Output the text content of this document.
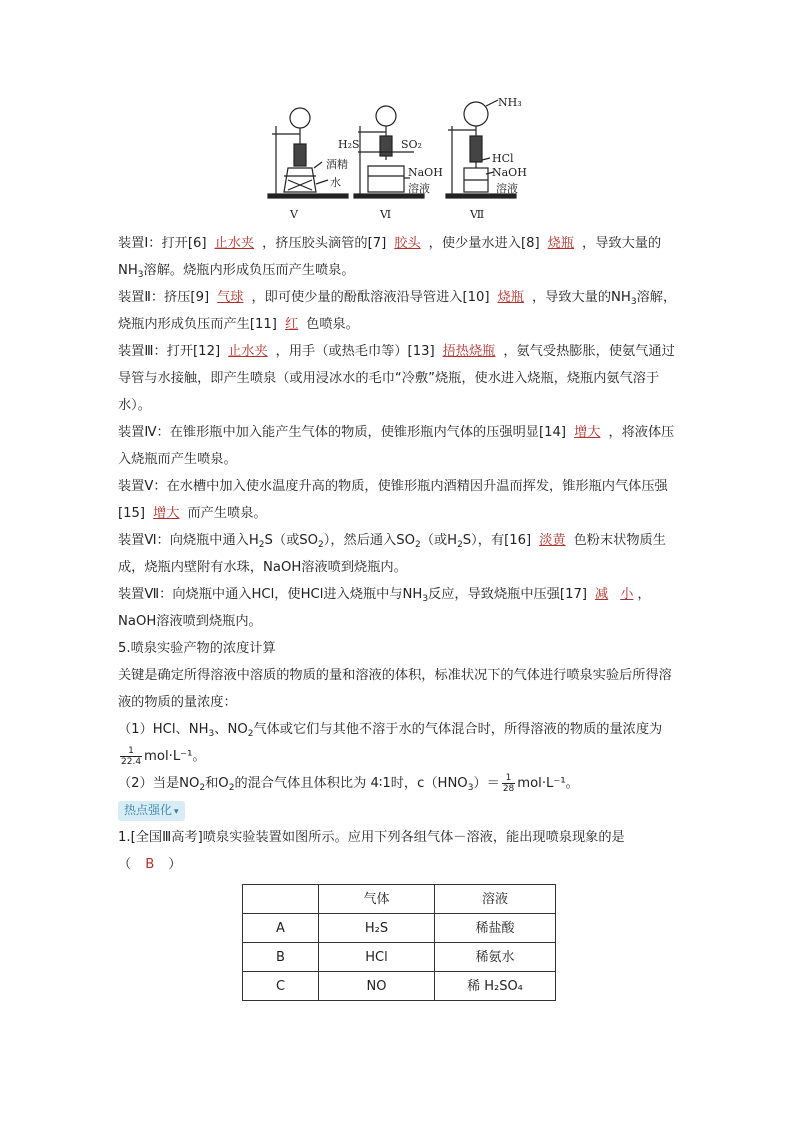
酒精
水
H₂S	SO₂
NaOH
溶液
NH₃
HCl
NaOH
溶液
Ⅴ	Ⅵ	Ⅶ

装置Ⅰ：打开[6] 止水夹 ，挤压胶头滴管的[7] 胶头 ，使少量水进入[8] 烧瓶 ，导致大量的$NH_3$溶解。烧瓶内形成负压而产生喷泉。

装置Ⅱ：挤压[9] 气球 ，即可使少量的酚酞溶液沿导管进入[10] 烧瓶 ，导致大量的$NH_3$溶解，烧瓶内形成负压而产生[11] 红 色喷泉。

装置Ⅲ：打开[12] 止水夹 ，用手（或热毛巾等）[13] 捂热烧瓶 ，氨气受热膨胀，使氨气通过导管与水接触，即产生喷泉（或用浸冰水的毛巾“冷敷”烧瓶，使水进入烧瓶，烧瓶内氨气溶于水）。

装置Ⅳ：在锥形瓶中加入能产生气体的物质，使锥形瓶内气体的压强明显[14] 增大 ，将液体压入烧瓶而产生喷泉。

装置Ⅴ：在水槽中加入使水温度升高的物质，使锥形瓶内酒精因升温而挥发，锥形瓶内气体压强[15] 增大 而产生喷泉。

装置Ⅵ：向烧瓶中通入$H_2S$（或$SO_2$），然后通入$SO_2$（或$H_2S$），有[16] 淡黄 色粉末状物质生成，烧瓶内壁附有水珠，NaOH溶液喷到烧瓶内。

装置Ⅶ：向烧瓶中通入HCl，使HCl进入烧瓶中与$NH_3$反应，导致烧瓶中压强[17] 减 小 ，NaOH溶液喷到烧瓶内。

5.喷泉实验产物的浓度计算

关键是确定所得溶液中溶质的物质的量和溶液的体积，标准状况下的气体进行喷泉实验后所得溶液的物质的量浓度：

（1）HCl、$NH_3$、$NO_2$气体或它们与其他不溶于水的气体混合时，所得溶液的物质的量浓度为
$\frac{1}{22.4} mol\cdot L^{-1}$。

（2）当是$NO_2$和$O_2$的混合气体且体积比为 4∶1时，$c(HNO_3)= \frac{1}{28} mol\cdot L^{-1}$。

热点强化 ▾

1.[全国Ⅲ高考]喷泉实验装置如图所示。应用下列各组气体－溶液，能出现喷泉现象的是
（ B ）

	气体	溶液
A	H₂S	稀盐酸
B	HCl	稀氨水
C	NO	稀 H₂SO₄
